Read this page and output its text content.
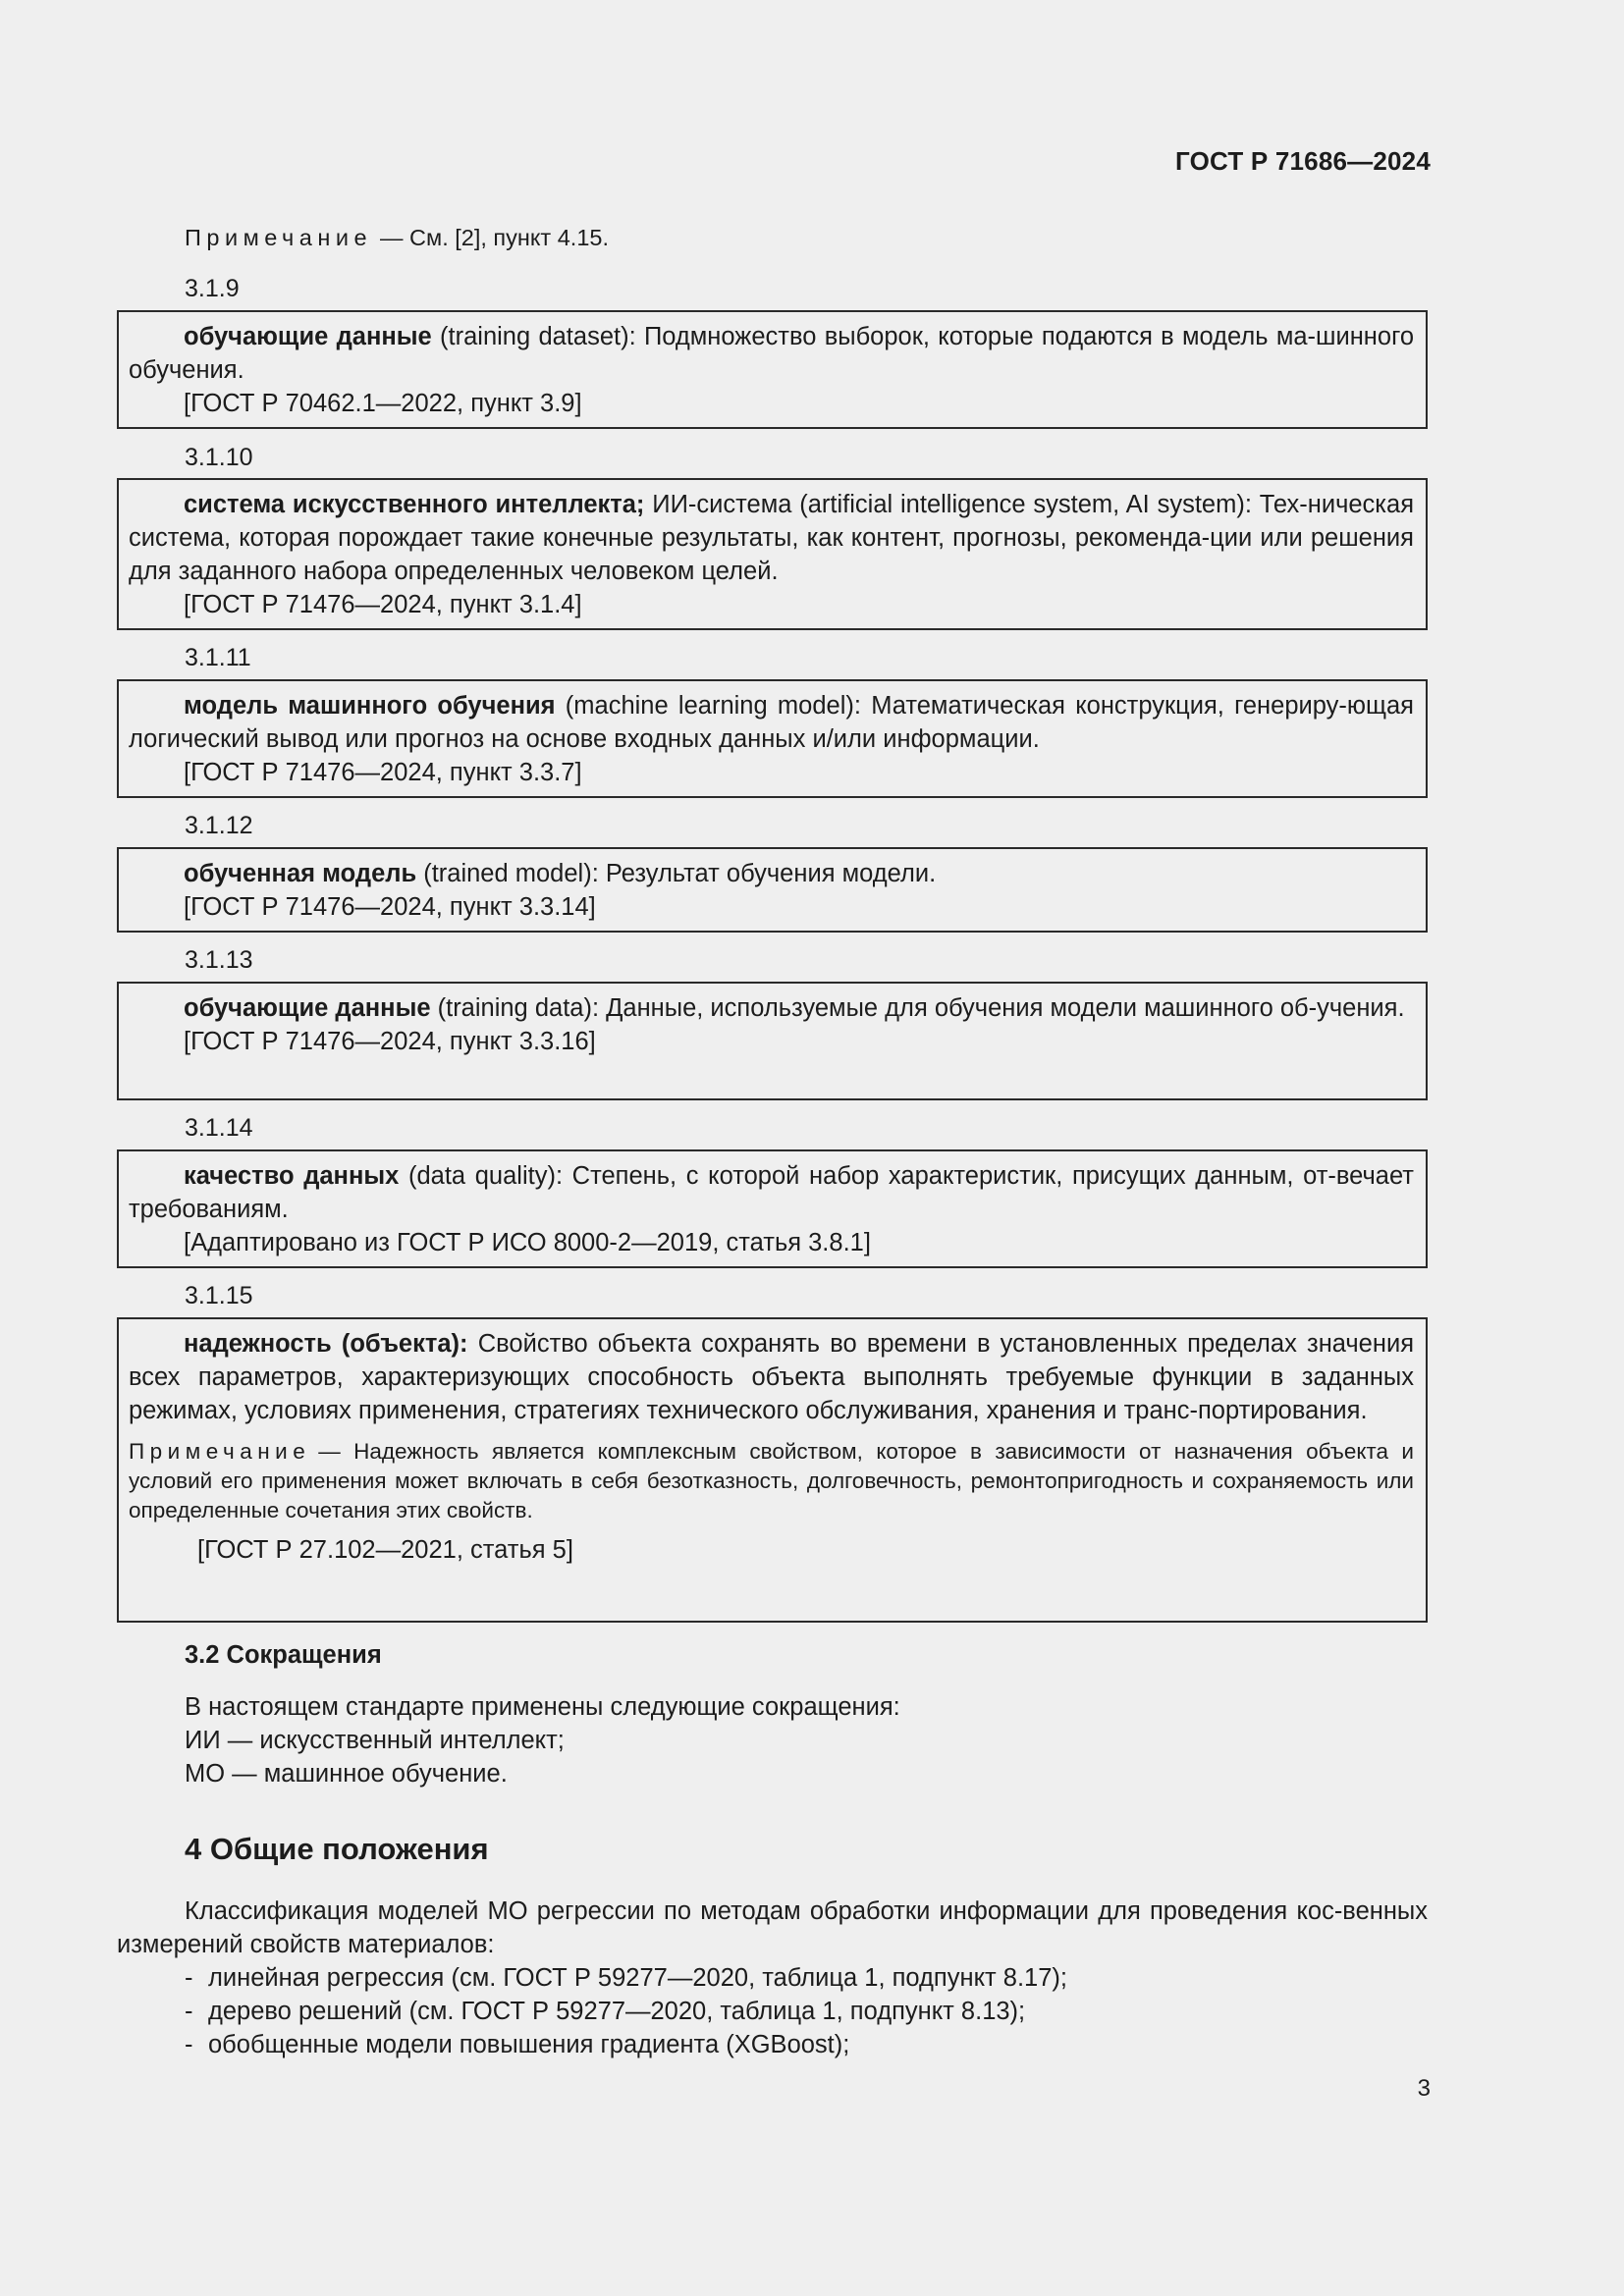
ГОСТ Р 71686—2024
Примечание — См. [2], пункт 4.15.
3.1.9

обучающие данные (training dataset): Подмножество выборок, которые подаются в модель ма-шинного обучения.

[ГОСТ Р 70462.1—2022, пункт 3.9]

3.1.10

система искусственного интеллекта; ИИ-система (artificial intelligence system, AI system): Тех-ническая система, которая порождает такие конечные результаты, как контент, прогнозы, рекоменда-ции или решения для заданного набора определенных человеком целей.

[ГОСТ Р 71476—2024, пункт 3.1.4]

3.1.11

модель машинного обучения (machine learning model): Математическая конструкция, генериру-ющая логический вывод или прогноз на основе входных данных и/или информации.

[ГОСТ Р 71476—2024, пункт 3.3.7]

3.1.12

обученная модель (trained model): Результат обучения модели.

[ГОСТ Р 71476—2024, пункт 3.3.14]

3.1.13

обучающие данные (training data): Данные, используемые для обучения модели машинного об-учения.

[ГОСТ Р 71476—2024, пункт 3.3.16]

3.1.14

качество данных (data quality): Степень, с которой набор характеристик, присущих данным, от-вечает требованиям.

[Адаптировано из ГОСТ Р ИСО 8000-2—2019, статья 3.8.1]

3.1.15

надежность (объекта): Свойство объекта сохранять во времени в установленных пределах значения всех параметров, характеризующих способность объекта выполнять требуемые функции в заданных режимах, условиях применения, стратегиях технического обслуживания, хранения и транс-портирования.

Примечание — Надежность является комплексным свойством, которое в зависимости от назначения объекта и условий его применения может включать в себя безотказность, долговечность, ремонтопригодность и сохраняемость или определенные сочетания этих свойств.

[ГОСТ Р 27.102—2021, статья 5]

3.2 Сокращения
В настоящем стандарте применены следующие сокращения:
ИИ — искусственный интеллект;
МО — машинное обучение.
4 Общие положения
Классификация моделей МО регрессии по методам обработки информации для проведения кос-венных измерений свойств материалов:
- линейная регрессия (см. ГОСТ Р 59277—2020, таблица 1, подпункт 8.17);
- дерево решений (см. ГОСТ Р 59277—2020, таблица 1, подпункт 8.13);
- обобщенные модели повышения градиента (XGBoost);
3
